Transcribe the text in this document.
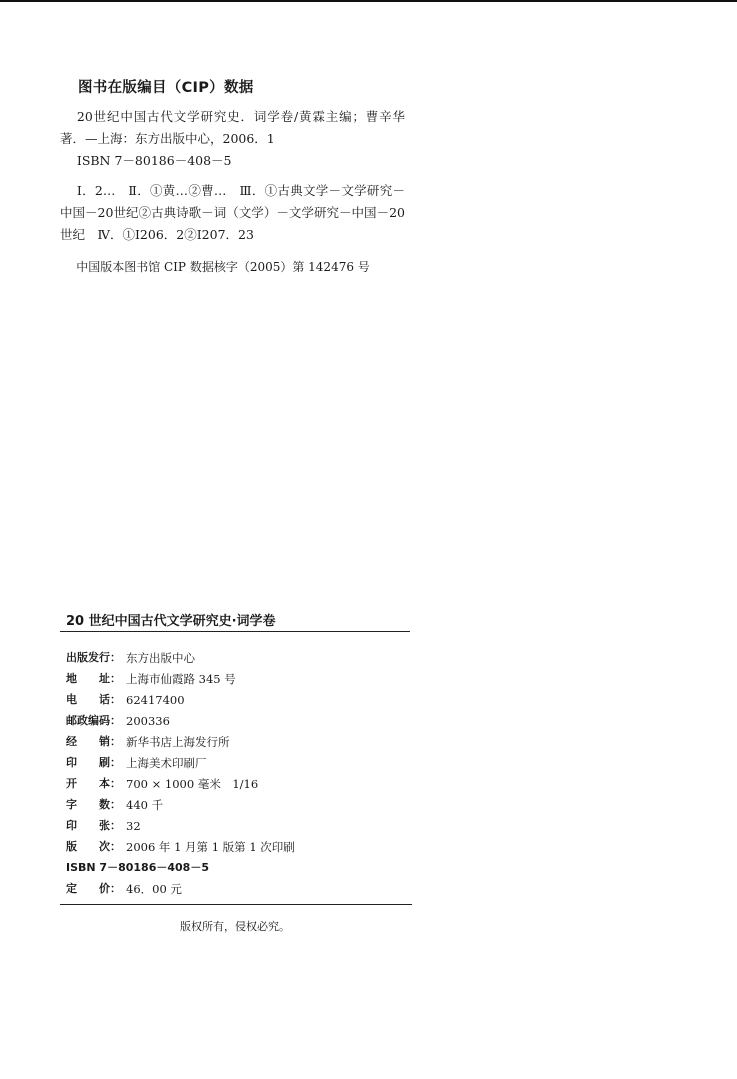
图书在版编目（CIP）数据

20世纪中国古代文学研究史．词学卷/黄霖主编；曹辛华著．—上海：东方出版中心，2006．1

ISBN 7－80186－408－5

Ⅰ．2…　Ⅱ．①黄…②曹…　Ⅲ．①古典文学－文学研究－中国－20世纪②古典诗歌－词（文学）－文学研究－中国－20世纪　Ⅳ．①I206．2②I207．23

中国版本图书馆 CIP 数据核字（2005）第 142476 号

20 世纪中国古代文学研究史·词学卷
出版发行： 东方出版中心
地　　址： 上海市仙霞路 345 号
电　　话： 62417400
邮政编码： 200336
经　　销： 新华书店上海发行所
印　　刷： 上海美术印刷厂
开　　本： 700 × 1000 毫米　1/16
字　　数： 440 千
印　　张： 32
版　　次： 2006 年 1 月第 1 版第 1 次印刷
ISBN 7－80186－408－5
定　　价： 46．00 元
版权所有，侵权必究。
